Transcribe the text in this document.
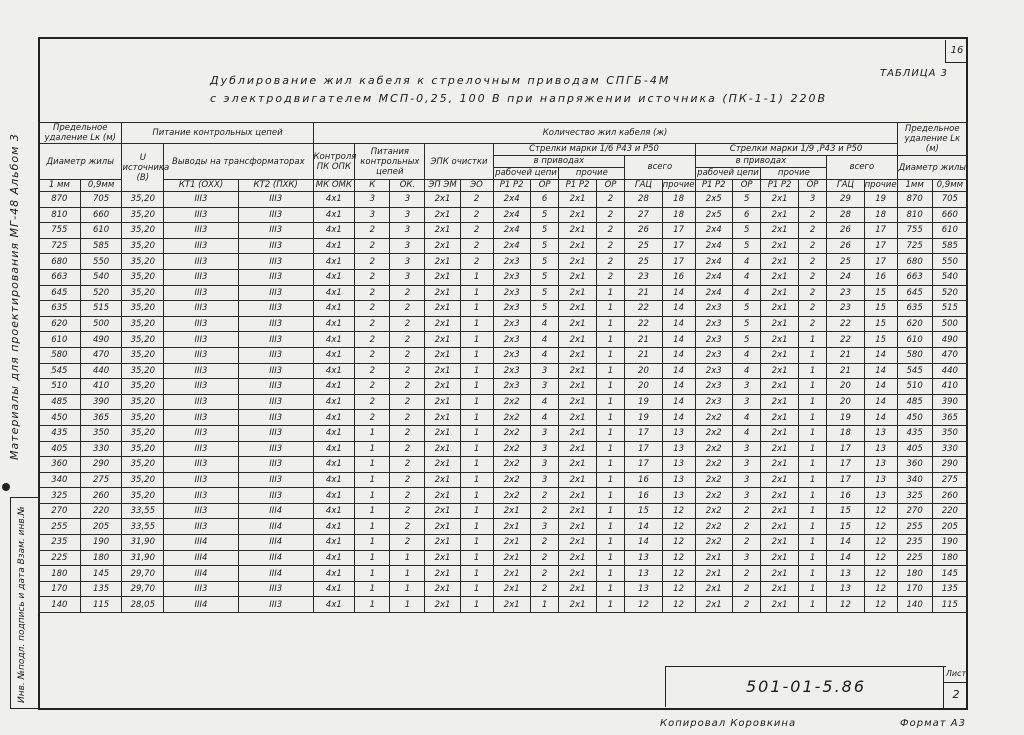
Материалы для проектирования МГ-48 Альбом 3
Инв. №подл. подпись и дата Взам. инв.№
16
Дублирование жил кабеля к стрелочным приводам СПГБ-4М
с электродвигателем МСП-0,25, 100 В при напряжении источника (ПК-1-1) 220В
ТАБЛИЦА 3
Предельное удаление Lк (м)		Питание контрольных цепей			Количество жил кабеля (ж)																	Предельное удаление Lк (м)	
Диаметр жилы		U источника (В)	Выводы на трансформаторах		Контроля ПК ОПК	Питания контрольных цепей		ЭПК очистки		Стрелки марки 1/6 Р43 и Р50						Стрелки марки 1/9 ,Р43 и Р50							
										в приводах				всего		в приводах				всего		Диаметр жилы	
										рабочей цепи		прочие				рабочей цепи		прочие					
1 мм	0,9мм		КТ1 (ОХХ)	КТ2 (ПХК)	МК ОМК	К	ОК.	ЭП ЭМ	ЭО	Р1 Р2	ОР	Р1 Р2	ОР	ГАЦ	прочие	Р1 Р2	ОР	Р1 Р2	ОР	ГАЦ	прочие	1мм	0,9мм
870	705	35,20	III3	III3	4х1	3	3	2х1	2	2х4	6	2х1	2	28	18	2х5	5	2х1	3	29	19	870	705
810	660	35,20	III3	III3	4х1	3	3	2х1	2	2х4	5	2х1	2	27	18	2х5	6	2х1	2	28	18	810	660
755	610	35,20	III3	III3	4х1	2	3	2х1	2	2х4	5	2х1	2	26	17	2х4	5	2х1	2	26	17	755	610
725	585	35,20	III3	III3	4х1	2	3	2х1	2	2х4	5	2х1	2	25	17	2х4	5	2х1	2	26	17	725	585
680	550	35,20	III3	III3	4х1	2	3	2х1	2	2х3	5	2х1	2	25	17	2х4	4	2х1	2	25	17	680	550
663	540	35,20	III3	III3	4х1	2	3	2х1	1	2х3	5	2х1	2	23	16	2х4	4	2х1	2	24	16	663	540
645	520	35,20	III3	III3	4х1	2	2	2х1	1	2х3	5	2х1	1	21	14	2х4	4	2х1	2	23	15	645	520
635	515	35,20	III3	III3	4х1	2	2	2х1	1	2х3	5	2х1	1	22	14	2х3	5	2х1	2	23	15	635	515
620	500	35,20	III3	III3	4х1	2	2	2х1	1	2х3	4	2х1	1	22	14	2х3	5	2х1	2	22	15	620	500
610	490	35,20	III3	III3	4х1	2	2	2х1	1	2х3	4	2х1	1	21	14	2х3	5	2х1	1	22	15	610	490
580	470	35,20	III3	III3	4х1	2	2	2х1	1	2х3	4	2х1	1	21	14	2х3	4	2х1	1	21	14	580	470
545	440	35,20	III3	III3	4х1	2	2	2х1	1	2х3	3	2х1	1	20	14	2х3	4	2х1	1	21	14	545	440
510	410	35,20	III3	III3	4х1	2	2	2х1	1	2х3	3	2х1	1	20	14	2х3	3	2х1	1	20	14	510	410
485	390	35,20	III3	III3	4х1	2	2	2х1	1	2х2	4	2х1	1	19	14	2х3	3	2х1	1	20	14	485	390
450	365	35,20	III3	III3	4х1	2	2	2х1	1	2х2	4	2х1	1	19	14	2х2	4	2х1	1	19	14	450	365
435	350	35,20	III3	III3	4х1	1	2	2х1	1	2х2	3	2х1	1	17	13	2х2	4	2х1	1	18	13	435	350
405	330	35,20	III3	III3	4х1	1	2	2х1	1	2х2	3	2х1	1	17	13	2х2	3	2х1	1	17	13	405	330
360	290	35,20	III3	III3	4х1	1	2	2х1	1	2х2	3	2х1	1	17	13	2х2	3	2х1	1	17	13	360	290
340	275	35,20	III3	III3	4х1	1	2	2х1	1	2х2	3	2х1	1	16	13	2х2	3	2х1	1	17	13	340	275
325	260	35,20	III3	III3	4х1	1	2	2х1	1	2х2	2	2х1	1	16	13	2х2	3	2х1	1	16	13	325	260
270	220	33,55	III3	III4	4х1	1	2	2х1	1	2х1	2	2х1	1	15	12	2х2	2	2х1	1	15	12	270	220
255	205	33,55	III3	III4	4х1	1	2	2х1	1	2х1	3	2х1	1	14	12	2х2	2	2х1	1	15	12	255	205
235	190	31,90	III4	III4	4х1	1	2	2х1	1	2х1	2	2х1	1	14	12	2х2	2	2х1	1	14	12	235	190
225	180	31,90	III4	III4	4х1	1	1	2х1	1	2х1	2	2х1	1	13	12	2х1	3	2х1	1	14	12	225	180
180	145	29,70	III4	III4	4х1	1	1	2х1	1	2х1	2	2х1	1	13	12	2х1	2	2х1	1	13	12	180	145
170	135	29,70	III3	III3	4х1	1	1	2х1	1	2х1	2	2х1	1	13	12	2х1	2	2х1	1	13	12	170	135
140	115	28,05	III4	III3	4х1	1	1	2х1	1	2х1	1	2х1	1	12	12	2х1	2	2х1	1	12	12	140	115
501-01-5.86
Лист
2
Копировал Коровкина	Формат А3
